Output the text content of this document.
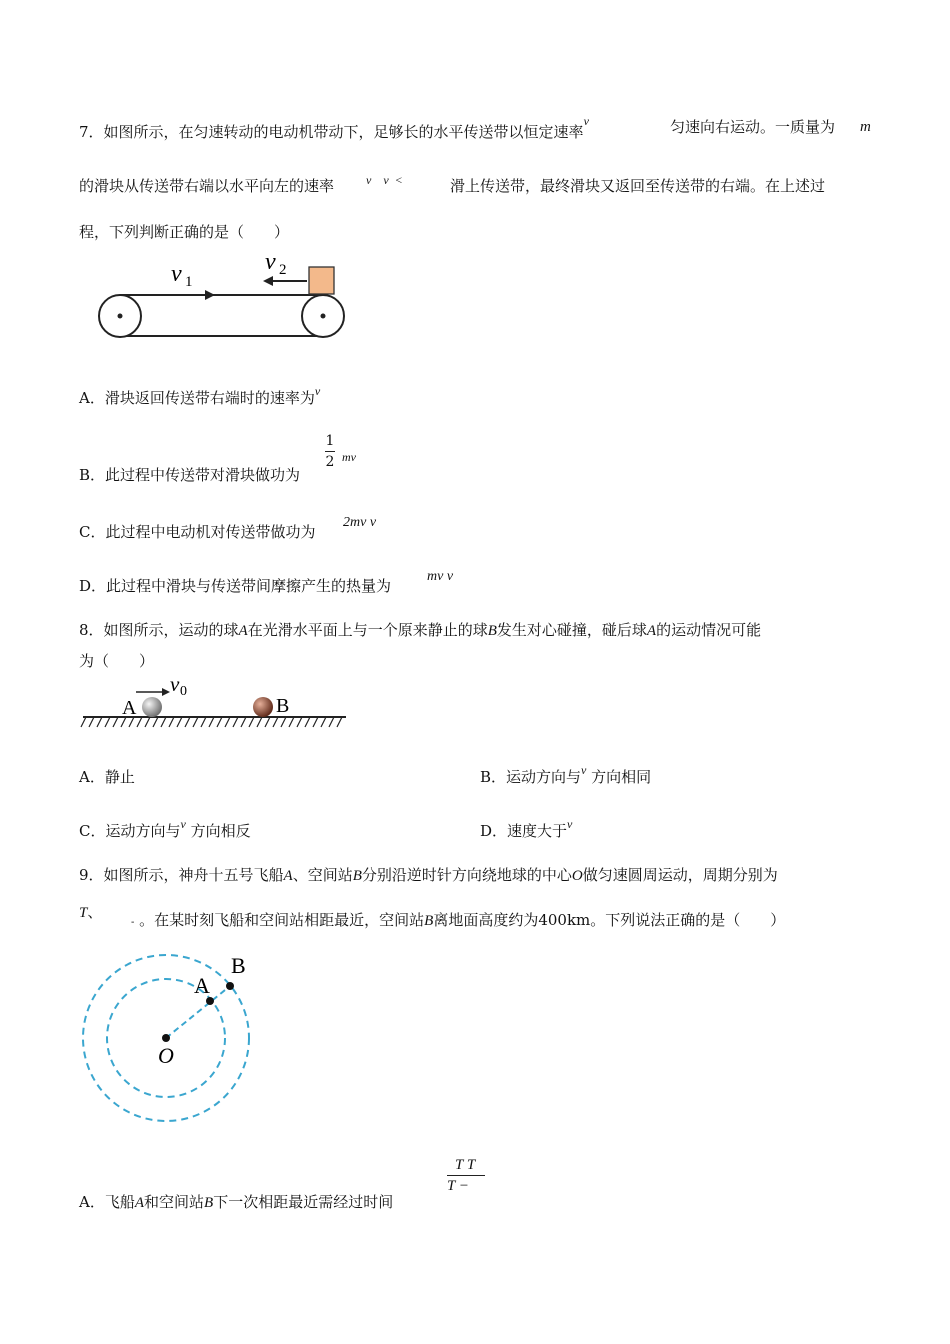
7．如图所示，在匀速转动的电动机带动下，足够长的水平传送带以恒定速率$^v$	匀速向右运动。一质量为 m
的滑块从传送带右端以水平向左的速率	v v <	滑上传送带，最终滑块又返回至传送带的右端。在上述过
程，下列判断正确的是（　　）
v 1
v 2
A．滑块返回传送带右端时的速率为$^v$
B．此过程中传送带对滑块做功为
1
2 mv
C．此过程中电动机对传送带做功为
2mv v
D．此过程中滑块与传送带间摩擦产生的热量为
mv v
8．如图所示，运动的球A在光滑水平面上与一个原来静止的球B发生对心碰撞，碰后球A的运动情况可能
为（　　）
A	B
v 0
A．静止	B．运动方向与$^v$ 方向相同
C．运动方向与$^v$ 方向相反	D．速度大于$^v$
9．如图所示，神舟十五号飞船A、空间站B分别沿逆时针方向绕地球的中心O做匀速圆周运动，周期分别为
T、      - 。在某时刻飞船和空间站相距最近，空间站B离地面高度约为400km。下列说法正确的是（　　）
A
B
O
A．飞船A和空间站B下一次相距最近需经过时间
T T
T −
